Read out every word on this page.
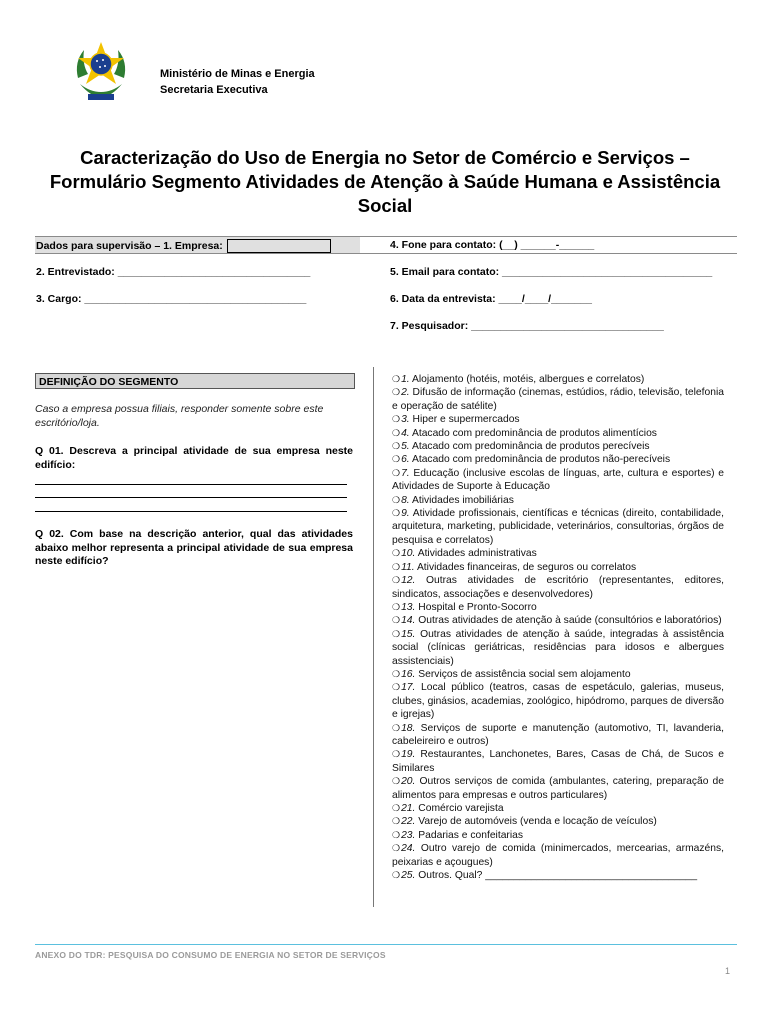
Ministério de Minas e Energia
Secretaria Executiva
Caracterização do Uso de Energia no Setor de Comércio e Serviços – Formulário Segmento Atividades de Atenção à Saúde Humana e Assistência Social
Dados para supervisão – 1. Empresa:	4. Fone para contato: (__) ______-______
2. Entrevistado: _________________________________	5. Email para contato: ____________________________________
3. Cargo: ______________________________________	6. Data da entrevista: ____/____/_______
7. Pesquisador: _________________________________
DEFINIÇÃO DO SEGMENTO
Caso a empresa possua filiais, responder somente sobre este escritório/loja.
Q 01. Descreva a principal atividade de sua empresa neste edifício:
Q 02. Com base na descrição anterior, qual das atividades abaixo melhor representa a principal atividade de sua empresa neste edifício?

❍1. Alojamento (hotéis, motéis, albergues e correlatos)

❍2. Difusão de informação (cinemas, estúdios, rádio, televisão, telefonia e operação de satélite)

❍3. Hiper e supermercados

❍4. Atacado com predominância de produtos alimentícios

❍5. Atacado com predominância de produtos perecíveis

❍6. Atacado com predominância de produtos não-perecíveis

❍7. Educação (inclusive escolas de línguas, arte, cultura e esportes) e Atividades de Suporte à Educação

❍8. Atividades imobiliárias

❍9. Atividade profissionais, científicas e técnicas (direito, contabilidade, arquitetura, marketing, publicidade, veterinários, consultorias, órgãos de pesquisa e correlatos)

❍10. Atividades administrativas

❍11. Atividades financeiras, de seguros ou correlatos

❍12. Outras atividades de escritório (representantes, editores, sindicatos, associações e desenvolvedores)

❍13. Hospital e Pronto-Socorro

❍14. Outras atividades de atenção à saúde (consultórios e laboratórios)

❍15. Outras atividades de atenção à saúde, integradas à assistência social (clínicas geriátricas, residências para idosos e albergues assistenciais)

❍16. Serviços de assistência social sem alojamento

❍17. Local público (teatros, casas de espetáculo, galerias, museus, clubes, ginásios, academias, zoológico, hipódromo, parques de diversão e igrejas)

❍18. Serviços de suporte e manutenção (automotivo, TI, lavanderia, cabeleireiro e outros)

❍19. Restaurantes, Lanchonetes, Bares, Casas de Chá, de Sucos e Similares

❍20. Outros serviços de comida (ambulantes, catering, preparação de alimentos para empresas e outros particulares)

❍21. Comércio varejista

❍22. Varejo de automóveis (venda e locação de veículos)

❍23. Padarias e confeitarias

❍24. Outro varejo de comida (minimercados, mercearias, armazéns, peixarias e açougues)

❍25. Outros. Qual? _____________________________________

ANEXO DO TDR: PESQUISA DO CONSUMO DE ENERGIA NO SETOR DE SERVIÇOS
1
